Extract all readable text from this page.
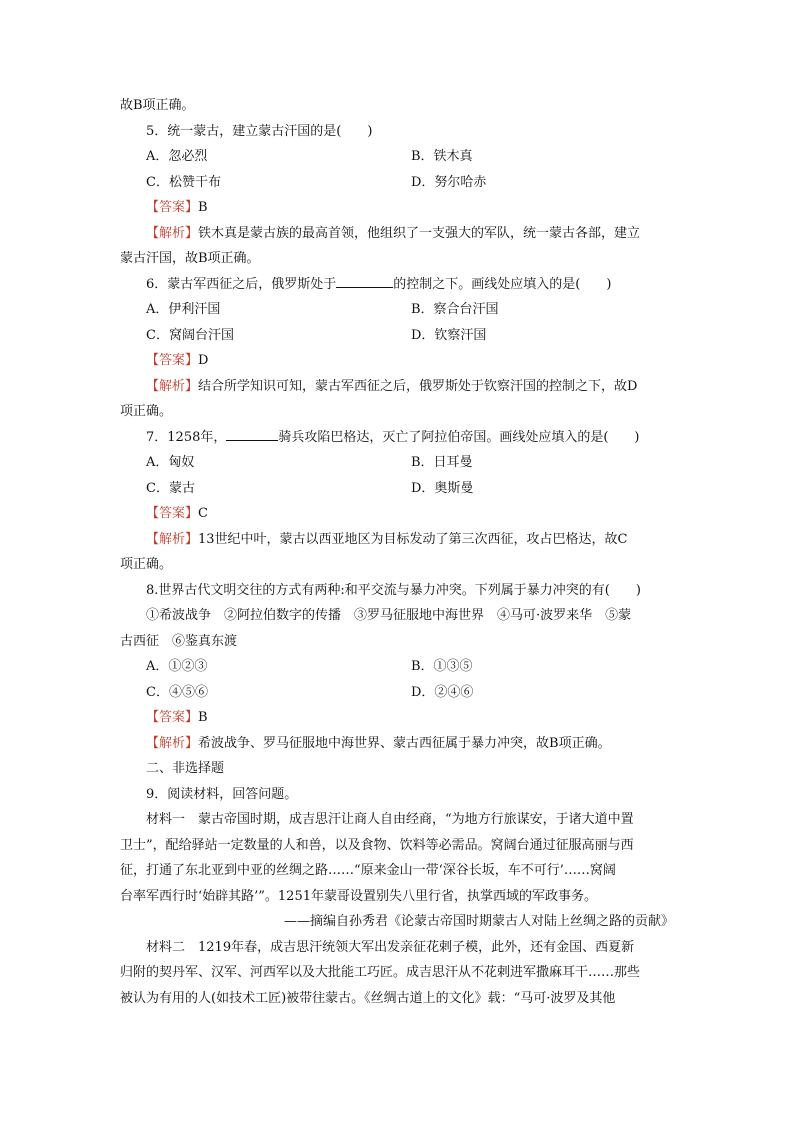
故B项正确。
5．统一蒙古，建立蒙古汗国的是(　　)
A．忽必烈	B．铁木真
C．松赞干布	D．努尔哈赤
【答案】B
【解析】铁木真是蒙古族的最高首领，他组织了一支强大的军队，统一蒙古各部，建立
蒙古汗国，故B项正确。
6．蒙古军西征之后，俄罗斯处于	的控制之下。画线处应填入的是(　　)
A．伊利汗国	B．察合台汗国
C．窝阔台汗国	D．钦察汗国
【答案】D
【解析】结合所学知识可知，蒙古军西征之后，俄罗斯处于钦察汗国的控制之下，故D
项正确。
7．1258年，	骑兵攻陷巴格达，灭亡了阿拉伯帝国。画线处应填入的是(　　)
A．匈奴	B．日耳曼
C．蒙古	D．奥斯曼
【答案】C
【解析】13世纪中叶，蒙古以西亚地区为目标发动了第三次西征，攻占巴格达，故C
项正确。
8.世界古代文明交往的方式有两种:和平交流与暴力冲突。下列属于暴力冲突的有(　　)
①希波战争　②阿拉伯数字的传播　③罗马征服地中海世界　④马可·波罗来华　⑤蒙
古西征　⑥鉴真东渡
A．①②③	B．①③⑤
C．④⑤⑥	D．②④⑥
【答案】B
【解析】希波战争、罗马征服地中海世界、蒙古西征属于暴力冲突，故B项正确。
二、非选择题
9．阅读材料，回答问题。
材料一　蒙古帝国时期，成吉思汗让商人自由经商，“为地方行旅谋安，于诸大道中置
卫士”，配给驿站一定数量的人和兽，以及食物、饮料等必需品。窝阔台通过征服高丽与西
征，打通了东北亚到中亚的丝绸之路……“原来金山一带‘深谷长坂，车不可行’……窝阔
台率军西行时‘始辟其路’”。1251年蒙哥设置别失八里行省，执掌西域的军政事务。
——摘编自孙秀君《论蒙古帝国时期蒙古人对陆上丝绸之路的贡献》
材料二　1219年春，成吉思汗统领大军出发亲征花剌子模，此外，还有金国、西夏新
归附的契丹军、汉军、河西军以及大批能工巧匠。成吉思汗从不花剌进军撒麻耳干……那些
被认为有用的人(如技术工匠)被带往蒙古。《丝绸古道上的文化》载：“马可·波罗及其他
